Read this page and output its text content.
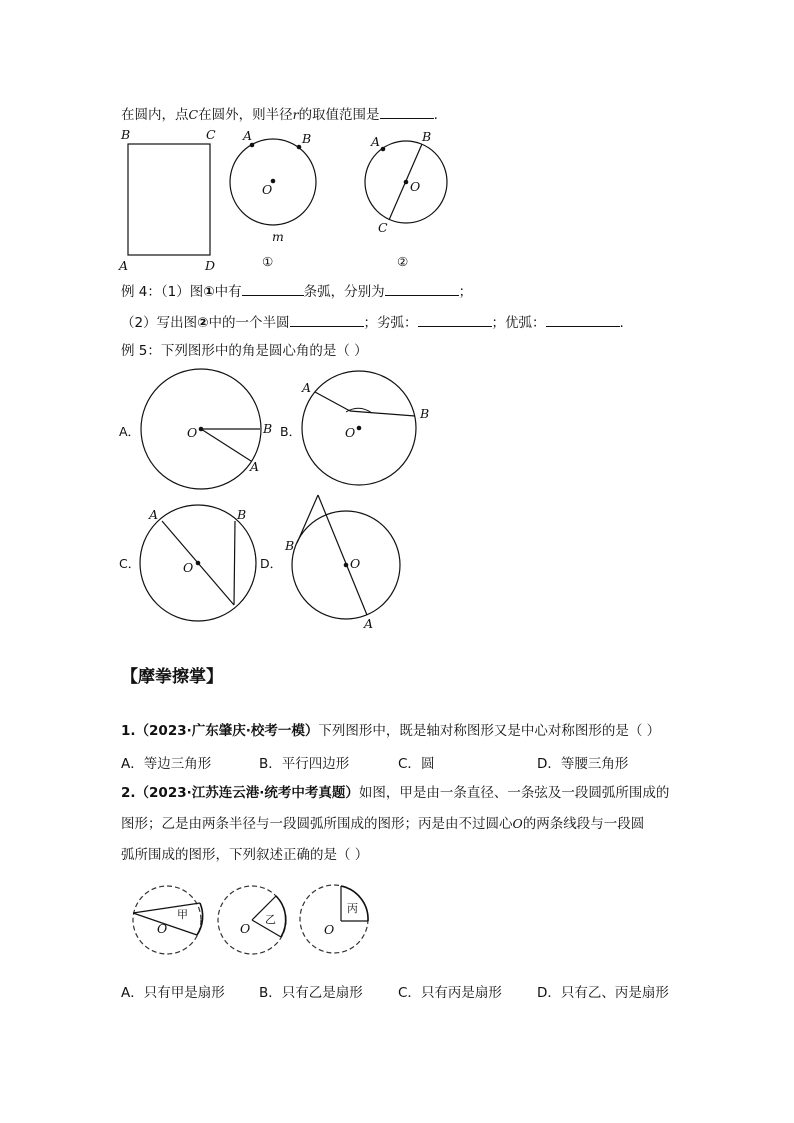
在圆内，点C在圆外，则半径r的取值范围是	.
B	C
A	D
A	B
O
m
①
A	B
O
C
②
例 4：（1）图①中有	条弧，分别为	；
（2）写出图②中的一个半圆	；劣弧：	；优弧：	.
例 5：下列图形中的角是圆心角的是（ ）
A．	O	B
A
B．	O
A
B
C．	O
A	B
D．	O
B
A
【摩拳擦掌】
1.（2023·广东肇庆·校考一模）下列图形中，既是轴对称图形又是中心对称图形的是（ ）
A．等边三角形	B．平行四边形	C．圆	D．等腰三角形
2.（2023·江苏连云港·统考中考真题）如图，甲是由一条直径、一条弦及一段圆弧所围成的
图形；乙是由两条半径与一段圆弧所围成的图形；丙是由不过圆心O的两条线段与一段圆
弧所围成的图形，下列叙述正确的是（ ）
甲
O
乙
O
丙
O
A．只有甲是扇形	B．只有乙是扇形	C．只有丙是扇形	D．只有乙、丙是扇形
